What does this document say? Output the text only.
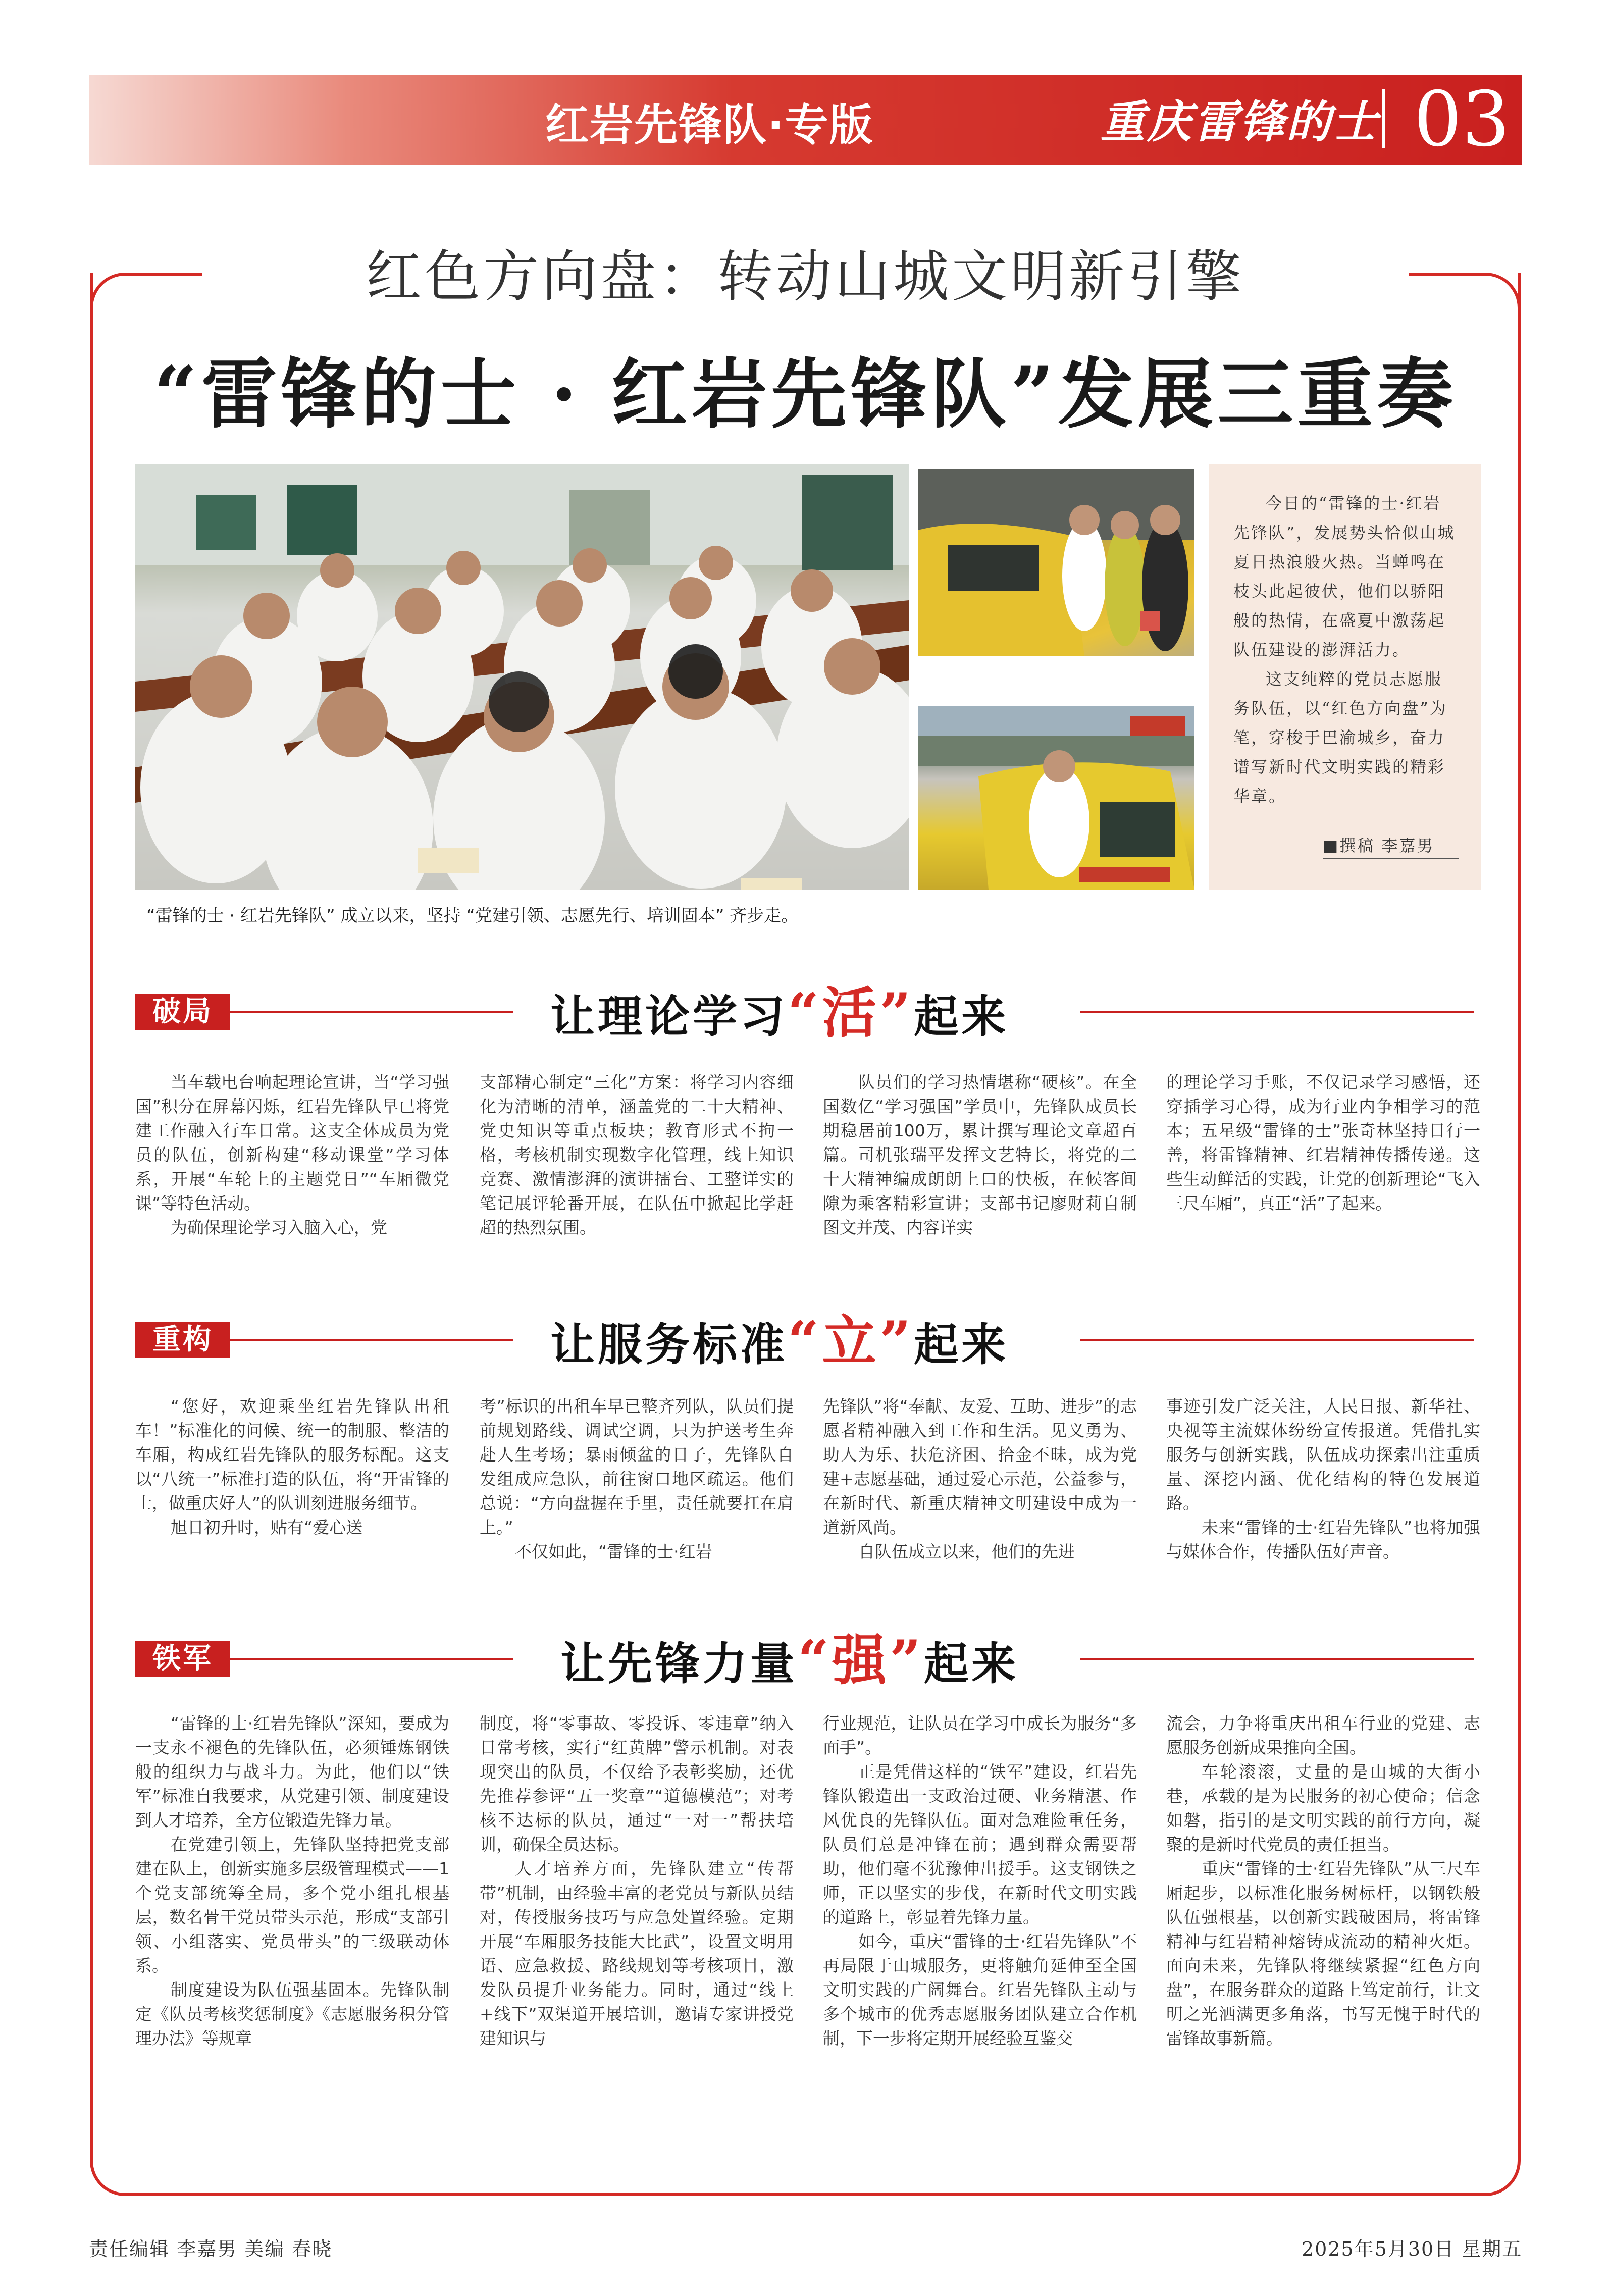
红岩先锋队·专版	重庆雷锋的士 03
红色方向盘：转动山城文明新引擎
“雷锋的士 · 红岩先锋队”发展三重奏
“雷锋的士 · 红岩先锋队” 成立以来，坚持 “党建引领、志愿先行、培训固本” 齐步走。

今日的“雷锋的士·红岩先锋队”，发展势头恰似山城夏日热浪般火热。当蝉鸣在枝头此起彼伏，他们以骄阳般的热情，在盛夏中激荡起队伍建设的澎湃活力。

这支纯粹的党员志愿服务队伍，以“红色方向盘”为笔，穿梭于巴渝城乡，奋力谱写新时代文明实践的精彩华章。

■撰稿 李嘉男
破局	让理论学习“活”起来

当车载电台响起理论宣讲，当“学习强国”积分在屏幕闪烁，红岩先锋队早已将党建工作融入行车日常。这支全体成员为党员的队伍，创新构建“移动课堂”学习体系，开展“车轮上的主题党日”“车厢微党课”等特色活动。

为确保理论学习入脑入心，党

支部精心制定“三化”方案：将学习内容细化为清晰的清单，涵盖党的二十大精神、党史知识等重点板块；教育形式不拘一格，考核机制实现数字化管理，线上知识竞赛、激情澎湃的演讲擂台、工整详实的笔记展评轮番开展，在队伍中掀起比学赶超的热烈氛围。

队员们的学习热情堪称“硬核”。在全国数亿“学习强国”学员中，先锋队成员长期稳居前100万，累计撰写理论文章超百篇。司机张瑞平发挥文艺特长，将党的二十大精神编成朗朗上口的快板，在候客间隙为乘客精彩宣讲；支部书记廖财莉自制图文并茂、内容详实

的理论学习手账，不仅记录学习感悟，还穿插学习心得，成为行业内争相学习的范本；五星级“雷锋的士”张奇林坚持日行一善，将雷锋精神、红岩精神传播传递。这些生动鲜活的实践，让党的创新理论“飞入三尺车厢”，真正“活”了起来。

重构	让服务标准“立”起来

“您好，欢迎乘坐红岩先锋队出租车！”标准化的问候、统一的制服、整洁的车厢，构成红岩先锋队的服务标配。这支以“八统一”标准打造的队伍，将“开雷锋的士，做重庆好人”的队训刻进服务细节。

旭日初升时，贴有“爱心送

考”标识的出租车早已整齐列队，队员们提前规划路线、调试空调，只为护送考生奔赴人生考场；暴雨倾盆的日子，先锋队自发组成应急队，前往窗口地区疏运。他们总说：“方向盘握在手里，责任就要扛在肩上。”

不仅如此，“雷锋的士·红岩

先锋队”将“奉献、友爱、互助、进步”的志愿者精神融入到工作和生活。见义勇为、助人为乐、扶危济困、拾金不昧，成为党建+志愿基础，通过爱心示范，公益参与，在新时代、新重庆精神文明建设中成为一道新风尚。

自队伍成立以来，他们的先进

事迹引发广泛关注，人民日报、新华社、央视等主流媒体纷纷宣传报道。凭借扎实服务与创新实践，队伍成功探索出注重质量、深挖内涵、优化结构的特色发展道路。

未来“雷锋的士·红岩先锋队”也将加强与媒体合作，传播队伍好声音。

铁军	让先锋力量“强”起来

“雷锋的士·红岩先锋队”深知，要成为一支永不褪色的先锋队伍，必须锤炼钢铁般的组织力与战斗力。为此，他们以“铁军”标准自我要求，从党建引领、制度建设到人才培养，全方位锻造先锋力量。

在党建引领上，先锋队坚持把党支部建在队上，创新实施多层级管理模式——1个党支部统筹全局，多个党小组扎根基层，数名骨干党员带头示范，形成“支部引领、小组落实、党员带头”的三级联动体系。

制度建设为队伍强基固本。先锋队制定《队员考核奖惩制度》《志愿服务积分管理办法》等规章

制度，将“零事故、零投诉、零违章”纳入日常考核，实行“红黄牌”警示机制。对表现突出的队员，不仅给予表彰奖励，还优先推荐参评“五一奖章”“道德模范”；对考核不达标的队员，通过“一对一”帮扶培训，确保全员达标。

人才培养方面，先锋队建立“传帮带”机制，由经验丰富的老党员与新队员结对，传授服务技巧与应急处置经验。定期开展“车厢服务技能大比武”，设置文明用语、应急救援、路线规划等考核项目，激发队员提升业务能力。同时，通过“线上+线下”双渠道开展培训，邀请专家讲授党建知识与

行业规范，让队员在学习中成长为服务“多面手”。

正是凭借这样的“铁军”建设，红岩先锋队锻造出一支政治过硬、业务精湛、作风优良的先锋队伍。面对急难险重任务，队员们总是冲锋在前；遇到群众需要帮助，他们毫不犹豫伸出援手。这支钢铁之师，正以坚实的步伐，在新时代文明实践的道路上，彰显着先锋力量。

如今，重庆“雷锋的士·红岩先锋队”不再局限于山城服务，更将触角延伸至全国文明实践的广阔舞台。红岩先锋队主动与多个城市的优秀志愿服务团队建立合作机制，下一步将定期开展经验互鉴交

流会，力争将重庆出租车行业的党建、志愿服务创新成果推向全国。

车轮滚滚，丈量的是山城的大街小巷，承载的是为民服务的初心使命；信念如磐，指引的是文明实践的前行方向，凝聚的是新时代党员的责任担当。

重庆“雷锋的士·红岩先锋队”从三尺车厢起步，以标准化服务树标杆，以钢铁般队伍强根基，以创新实践破困局，将雷锋精神与红岩精神熔铸成流动的精神火炬。面向未来，先锋队将继续紧握“红色方向盘”，在服务群众的道路上笃定前行，让文明之光洒满更多角落，书写无愧于时代的雷锋故事新篇。

责任编辑 李嘉男 美编 春晓	2025年5月30日 星期五
